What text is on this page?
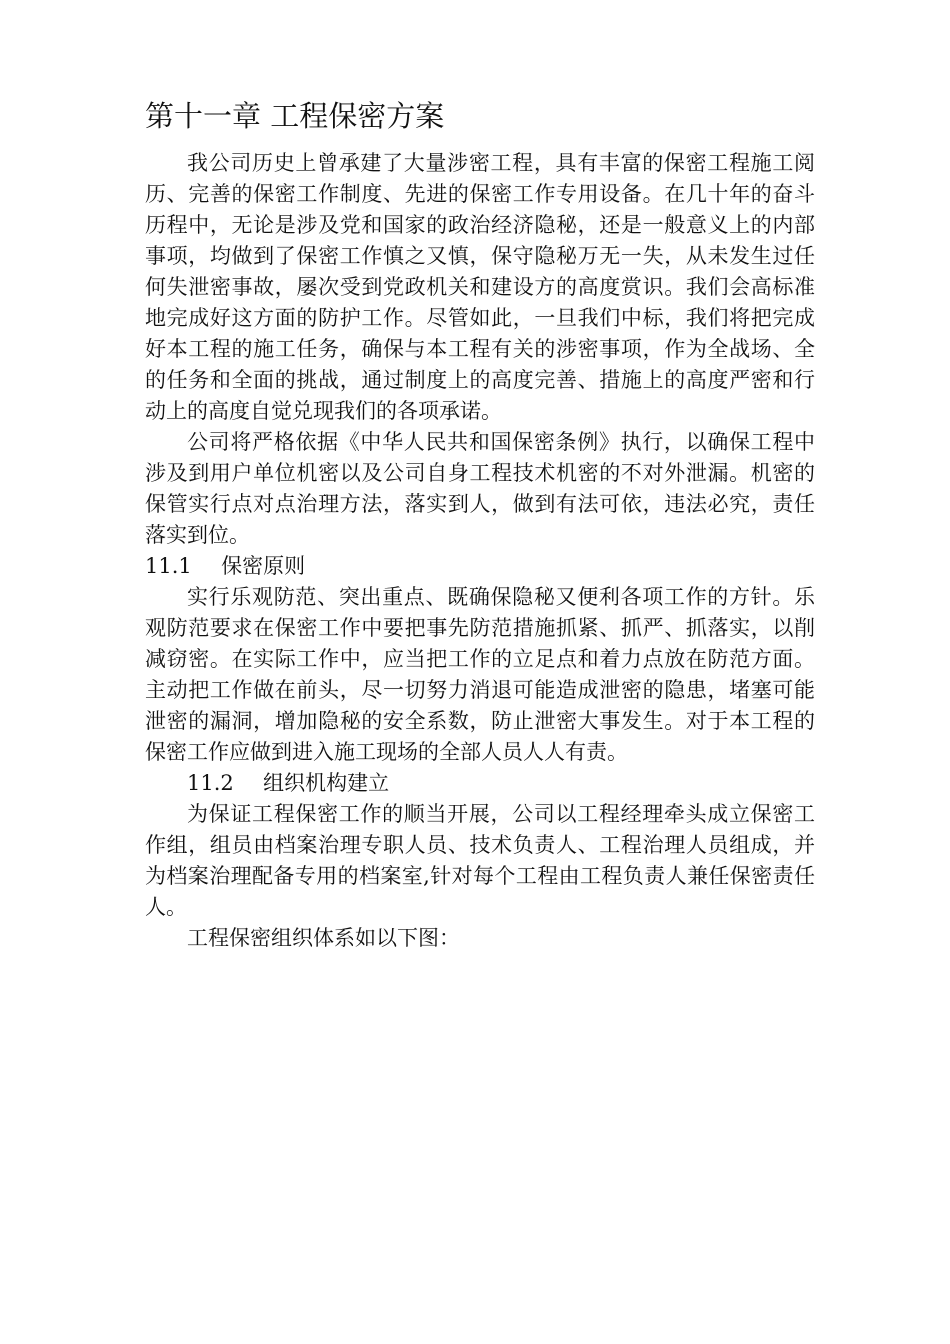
第十一章 工程保密方案

我公司历史上曾承建了大量涉密工程，具有丰富的保密工程施工阅历、完善的保密工作制度、先进的保密工作专用设备。在几十年的奋斗历程中，无论是涉及党和国家的政治经济隐秘，还是一般意义上的内部事项，均做到了保密工作慎之又慎，保守隐秘万无一失，从未发生过任何失泄密事故，屡次受到党政机关和建设方的高度赏识。我们会高标准地完成好这方面的防护工作。尽管如此，一旦我们中标，我们将把完成好本工程的施工任务，确保与本工程有关的涉密事项，作为全战场、全的任务和全面的挑战，通过制度上的高度完善、措施上的高度严密和行动上的高度自觉兑现我们的各项承诺。

公司将严格依据《中华人民共和国保密条例》执行，以确保工程中涉及到用户单位机密以及公司自身工程技术机密的不对外泄漏。机密的保管实行点对点治理方法，落实到人，做到有法可依，违法必究，责任落实到位。

11.1 保密原则

实行乐观防范、突出重点、既确保隐秘又便利各项工作的方针。乐观防范要求在保密工作中要把事先防范措施抓紧、抓严、抓落实，以削减窃密。在实际工作中，应当把工作的立足点和着力点放在防范方面。主动把工作做在前头，尽一切努力消退可能造成泄密的隐患，堵塞可能泄密的漏洞，增加隐秘的安全系数，防止泄密大事发生。对于本工程的保密工作应做到进入施工现场的全部人员人人有责。

11.2 组织机构建立

为保证工程保密工作的顺当开展，公司以工程经理牵头成立保密工作组，组员由档案治理专职人员、技术负责人、工程治理人员组成，并为档案治理配备专用的档案室,针对每个工程由工程负责人兼任保密责任人。

工程保密组织体系如以下图：
